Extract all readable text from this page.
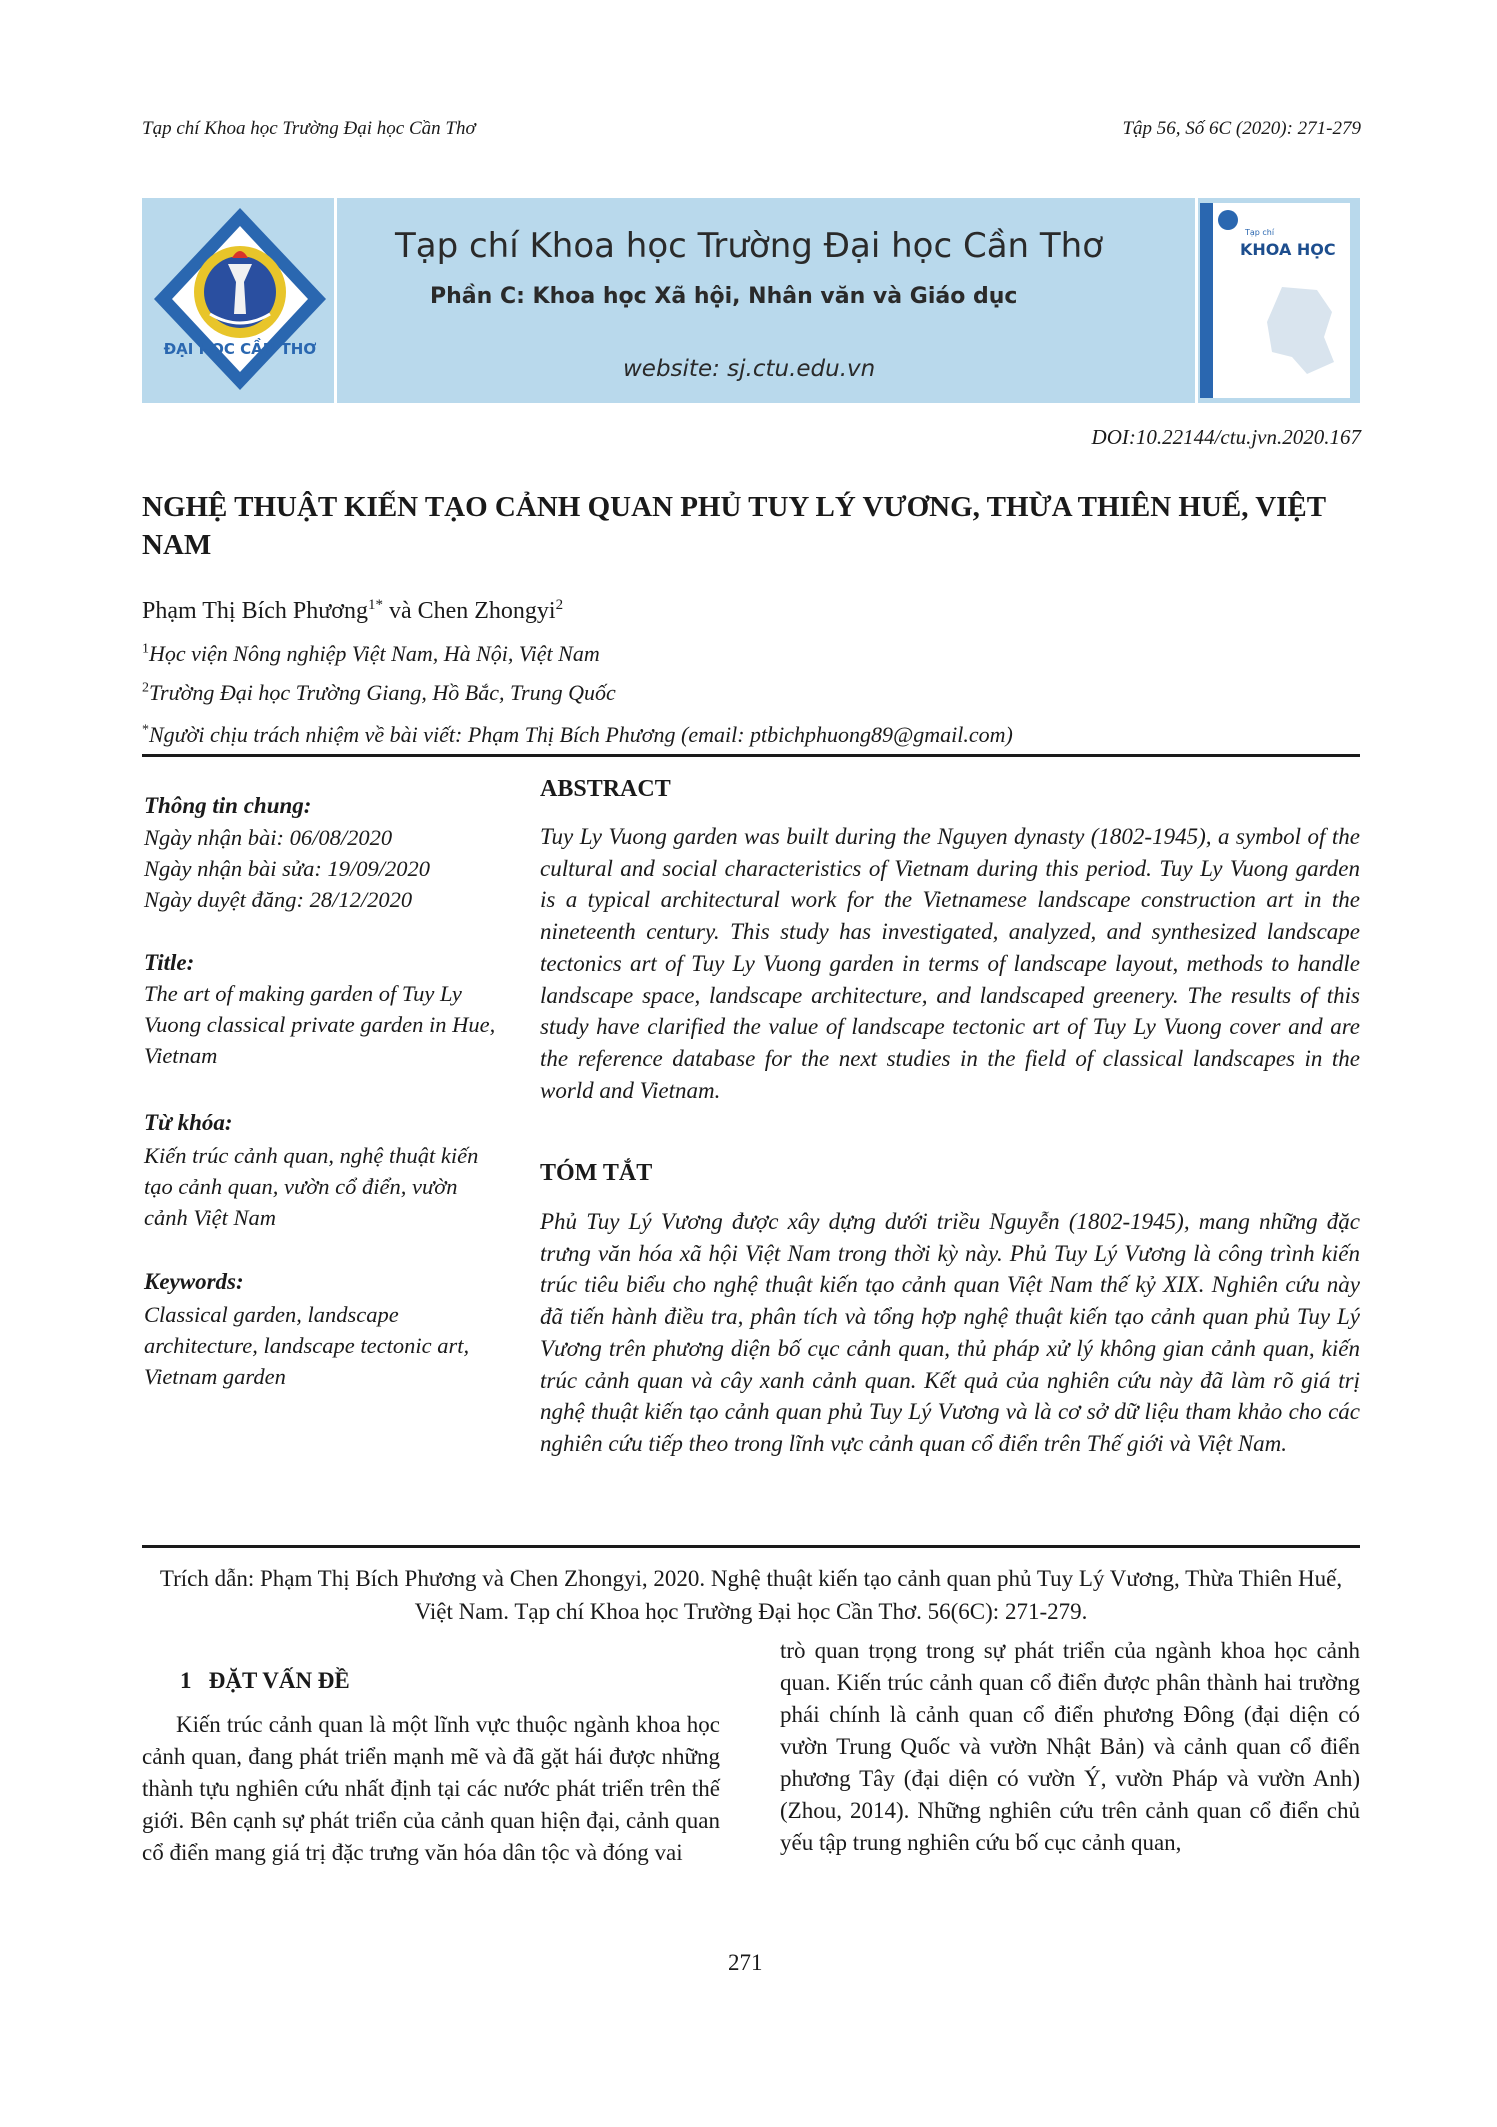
Tạp chí Khoa học Trường Đại học Cần Thơ	Tập 56, Số 6C (2020): 271-279
ĐẠI HỌC CẦN THƠ
Tạp chí Khoa học Trường Đại học Cần Thơ
Phần C: Khoa học Xã hội, Nhân văn và Giáo dục
website: sj.ctu.edu.vn
Tạp chí
KHOA HỌC
DOI:10.22144/ctu.jvn.2020.167
NGHỆ THUẬT KIẾN TẠO CẢNH QUAN PHỦ TUY LÝ VƯƠNG, THỪA THIÊN HUẾ, VIỆT NAM
Phạm Thị Bích Phương$^{1*}$ và Chen Zhongyi$^2$
$^1$Học viện Nông nghiệp Việt Nam, Hà Nội, Việt Nam
$^2$Trường Đại học Trường Giang, Hồ Bắc, Trung Quốc
*Người chịu trách nhiệm về bài viết: Phạm Thị Bích Phương (email: ptbichphuong89@gmail.com)
Thông tin chung:
Ngày nhận bài: 06/08/2020
Ngày nhận bài sửa: 19/09/2020
Ngày duyệt đăng: 28/12/2020
Title:
The art of making garden of Tuy Ly Vuong classical private garden in Hue, Vietnam
Từ khóa:
Kiến trúc cảnh quan, nghệ thuật kiến tạo cảnh quan, vườn cổ điển, vườn cảnh Việt Nam
Keywords:
Classical garden, landscape architecture, landscape tectonic art, Vietnam garden
ABSTRACT
Tuy Ly Vuong garden was built during the Nguyen dynasty (1802-1945), a symbol of the cultural and social characteristics of Vietnam during this period. Tuy Ly Vuong garden is a typical architectural work for the Vietnamese landscape construction art in the nineteenth century. This study has investigated, analyzed, and synthesized landscape tectonics art of Tuy Ly Vuong garden in terms of landscape layout, methods to handle landscape space, landscape architecture, and landscaped greenery. The results of this study have clarified the value of landscape tectonic art of Tuy Ly Vuong cover and are the reference database for the next studies in the field of classical landscapes in the world and Vietnam.
TÓM TẮT
Phủ Tuy Lý Vương được xây dựng dưới triều Nguyễn (1802-1945), mang những đặc trưng văn hóa xã hội Việt Nam trong thời kỳ này. Phủ Tuy Lý Vương là công trình kiến trúc tiêu biểu cho nghệ thuật kiến tạo cảnh quan Việt Nam thế kỷ XIX. Nghiên cứu này đã tiến hành điều tra, phân tích và tổng hợp nghệ thuật kiến tạo cảnh quan phủ Tuy Lý Vương trên phương diện bố cục cảnh quan, thủ pháp xử lý không gian cảnh quan, kiến trúc cảnh quan và cây xanh cảnh quan. Kết quả của nghiên cứu này đã làm rõ giá trị nghệ thuật kiến tạo cảnh quan phủ Tuy Lý Vương và là cơ sở dữ liệu tham khảo cho các nghiên cứu tiếp theo trong lĩnh vực cảnh quan cổ điển trên Thế giới và Việt Nam.
Trích dẫn: Phạm Thị Bích Phương và Chen Zhongyi, 2020. Nghệ thuật kiến tạo cảnh quan phủ Tuy Lý Vương, Thừa Thiên Huế, Việt Nam. Tạp chí Khoa học Trường Đại học Cần Thơ. 56(6C): 271-279.
1   ĐẶT VẤN ĐỀ
Kiến trúc cảnh quan là một lĩnh vực thuộc ngành khoa học cảnh quan, đang phát triển mạnh mẽ và đã gặt hái được những thành tựu nghiên cứu nhất định tại các nước phát triển trên thế giới. Bên cạnh sự phát triển của cảnh quan hiện đại, cảnh quan cổ điển mang giá trị đặc trưng văn hóa dân tộc và đóng vai
trò quan trọng trong sự phát triển của ngành khoa học cảnh quan. Kiến trúc cảnh quan cổ điển được phân thành hai trường phái chính là cảnh quan cổ điển phương Đông (đại diện có vườn Trung Quốc và vườn Nhật Bản) và cảnh quan cổ điển phương Tây (đại diện có vườn Ý, vườn Pháp và vườn Anh) (Zhou, 2014). Những nghiên cứu trên cảnh quan cổ điển chủ yếu tập trung nghiên cứu bố cục cảnh quan,
271
